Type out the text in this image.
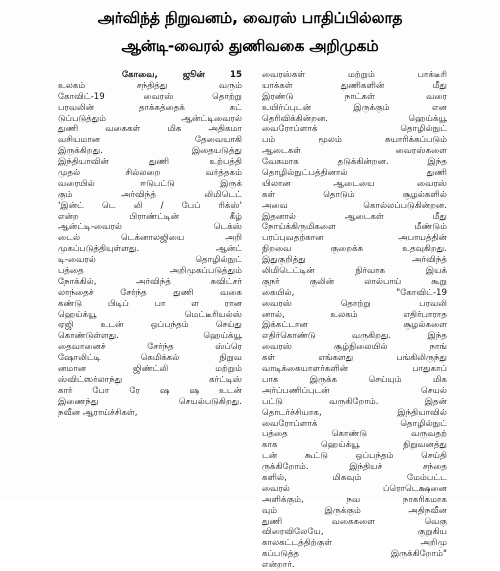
அர்விந்த் நிறுவனம், வைரஸ் பாதிப்பில்லாத
ஆன்டி-வைரல் துணிவகை அறிமுகம்
கோவை, ஜூன் 15
உலகம் சந்தித்து வரும்
கோவிட்-19 வைரஸ் தொற்று
பரவலின் தாக்கத்தைக் கட்
டுப்படுத்தும் ஆன்ட்டிவைரல்
துணி வகைகள் மிக அதிகமா
வசியமான தேவையாகி
இருக்கிறது. இதையடுத்து
இந்தியாவின் துணி உற்பத்தி
முதல் சில்லறை வர்த்தகம்
வரையில் ஈடுபட்டு இருக்
கும் அர்விந்த் லிமிடெட்
'இன்ட் டெ லி / பேப் ரிக்ஸ்'
என்ற பிராண்ட்டின் கீழ்
ஆன்ட்டி-வைரல் டெக்ஸ்
டைல் டெக்னாலஜியை அறி
முகப்படுத்தியுள்ளது. ஆன்ட்
டி-வைரல் தொழில்நுட்
பத்தை அறிமுகப்படுத்தும்
நோக்கில், அர்விந்த் சுவிட்சர்
லாந்தைச் சேர்ந்த துணி வகை
கண்டு பிடிப் பா ள ரான
ஹெய்க்யூ மெட்டீரியல்ஸ்
ஏஜி உடன் ஒப்பந்தம் செய்து
கொண்டுள்ளது. ஹெய்க்யூ
தைவானைச் சேர்ந்த ஸ்ப்ரெ
ஷோலிட்டி கெமிக்கல் நிறுவ
னமான ஜிண்ட்லி மற்றும்
ஸ்விட்ஸர்லாந்து கர்ட்டிஸ்
கார் போ ரே ஷ ஷ உடன்
இணைந்து செயல்படுகிறது.
நவீன ஆராய்ச்சிகள்,
வைரஸ்கள் மற்றும் பாக்டீரி
யாக்கள் துணிகளின் மீது
இரண்டு நாட்கள் வரை
உயிர்ப்புடன் இருக்கும் என
தெரிவிக்கின்றன. ஹெய்க்யூ
வைரோப்ளாக் தொழில்நுட்
பம் மூலம் சுயாரிக்கப்படும்
ஆடைகள் வைரஸ்களை
வேகமாக தடுக்கின்றன. இந்த
தொழில்நுட்பத்தினால் துணி
யிலான ஆடையை வைரஸ்
கள் தொடும் சூழல்களில்
அவை கொல்லப்படுகின்றன.
இதனால் ஆடைகள் மீது
நோய்க்கிருமிகளை மீண்டும்
பரப்புவதற்கான அபாயத்தின்
நிறவை குறைக்க உதவுகிறது.
இதுகுறித்து அர்விந்த்
லிமிடெட்டின் நிர்வாக இயக்
குநர் குலின் லால்பாய் கூறு
கையில், "கோவிட்-19
வைரஸ் தொற்று பரவலி
னால், உலகம் எதிர்பாராத
இக்கட்டான சூழல்களை
எதிர்கொண்டு வருகிறது. இந்த
வைரஸ் சூழ்நிலையில் நாங்
கள் எங்களது பங்கிலிருந்து
வாடிக்கையாளர்களின் பாதுகாப்
பாக இருக்க செய்யும் மிக
அர்ப்பணிப்புடன் செயல்
பட்டு வருகிறோம். இதன்
தொடர்ச்சியாக, இந்தியாவில்
வைரோப்ளாக் தொழில்நுட்
பத்தை கொண்டு வருவதற்
காக ஹெய்க்யூ நிறுவனத்து
டன் கூட்டு ஒப்பந்தம் செய்தி
ருக்கிறோம். இந்தியச் சந்தை
களில், மிகவும் மேம்பட்ட
வைரல் ப்ரொடெக்ஷனை
அளிக்கும், நவ நாகரிகமாக
வும் இருக்கும் அதிநவீன
துணி வகைகளை வெகு
விரைவிலேயே, குறுகிய
காலகட்டத்திற்குள் அறிமு
கப்படுத்த இருக்கிறோம்"
என்றார்.
